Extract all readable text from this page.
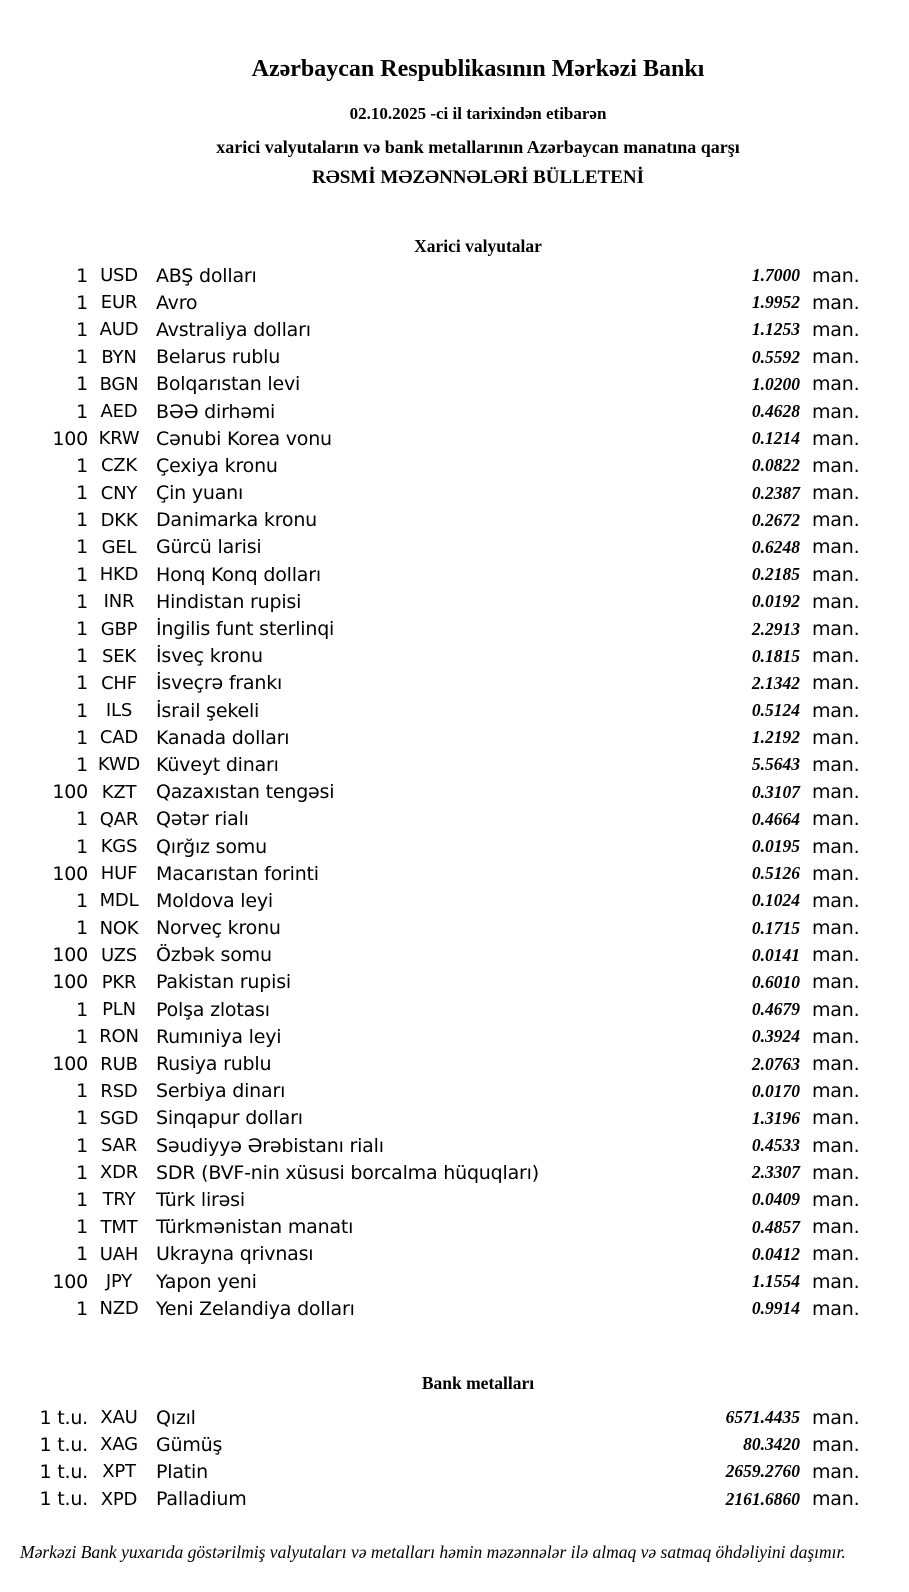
Azərbaycan Respublikasının Mərkəzi Bankı
02.10.2025 -ci il tarixindən etibarən
xarici valyutaların və bank metallarının Azərbaycan manatına qarşı
RƏSMİ MƏZƏNNƏLƏRİ BÜLLETENİ
Xarici valyutalar
1 USD ABŞ dolları	1.7000 man.
1 EUR Avro	1.9952 man.
1 AUD Avstraliya dolları	1.1253 man.
1 BYN	Belarus rublu	0.5592 man.
1 BGN Bolqarıstan levi	1.0200 man.
1 AED BƏƏ dirhəmi	0.4628 man.
100 KRW Cənubi Korea vonu	0.1214 man.
1 CZK Çexiya kronu	0.0822 man.
1 CNY Çin yuanı	0.2387 man.
1 DKK Danimarka kronu	0.2672 man.
1 GEL	Gürcü larisi	0.6248 man.
1 HKD Honq Konq dolları	0.2185 man.
1 INR	Hindistan rupisi	0.0192 man.
1 GBP İngilis funt sterlinqi	2.2913 man.
1 SEK	İsveç kronu	0.1815 man.
1 CHF	İsveçrə frankı	2.1342 man.
1 ILS	İsrail şekeli	0.5124 man.
1 CAD Kanada dolları	1.2192 man.
1 KWD Küveyt dinarı	5.5643 man.
100 KZT	Qazaxıstan tengəsi	0.3107 man.
1 QAR Qətər rialı	0.4664 man.
1 KGS Qırğız somu	0.0195 man.
100 HUF Macarıstan forinti	0.5126 man.
1 MDL Moldova leyi	0.1024 man.
1 NOK Norveç kronu	0.1715 man.
100 UZS	Özbək somu	0.0141 man.
100 PKR	Pakistan rupisi	0.6010 man.
1 PLN	Polşa zlotası	0.4679 man.
1 RON Rumıniya leyi	0.3924 man.
100 RUB Rusiya rublu	2.0763 man.
1 RSD Serbiya dinarı	0.0170 man.
1 SGD Sinqapur dolları	1.3196 man.
1 SAR	Səudiyyə Ərəbistanı rialı	0.4533 man.
1 XDR SDR (BVF-nin xüsusi borcalma hüquqları)	2.3307 man.
1 TRY	Türk lirəsi	0.0409 man.
1 TMT Türkmənistan manatı	0.4857 man.
1 UAH Ukrayna qrivnası	0.0412 man.
100 JPY	Yapon yeni	1.1554 man.
1 NZD Yeni Zelandiya dolları	0.9914 man.
Bank metalları
1 t.u. XAU Qızıl	6571.4435 man.
1 t.u. XAG Gümüş	80.3420 man.
1 t.u. XPT	Platin	2659.2760 man.
1 t.u. XPD Palladium	2161.6860 man.
Mərkəzi Bank yuxarıda göstərilmiş valyutaları və metalları həmin məzənnələr ilə almaq və satmaq öhdəliyini daşımır.
